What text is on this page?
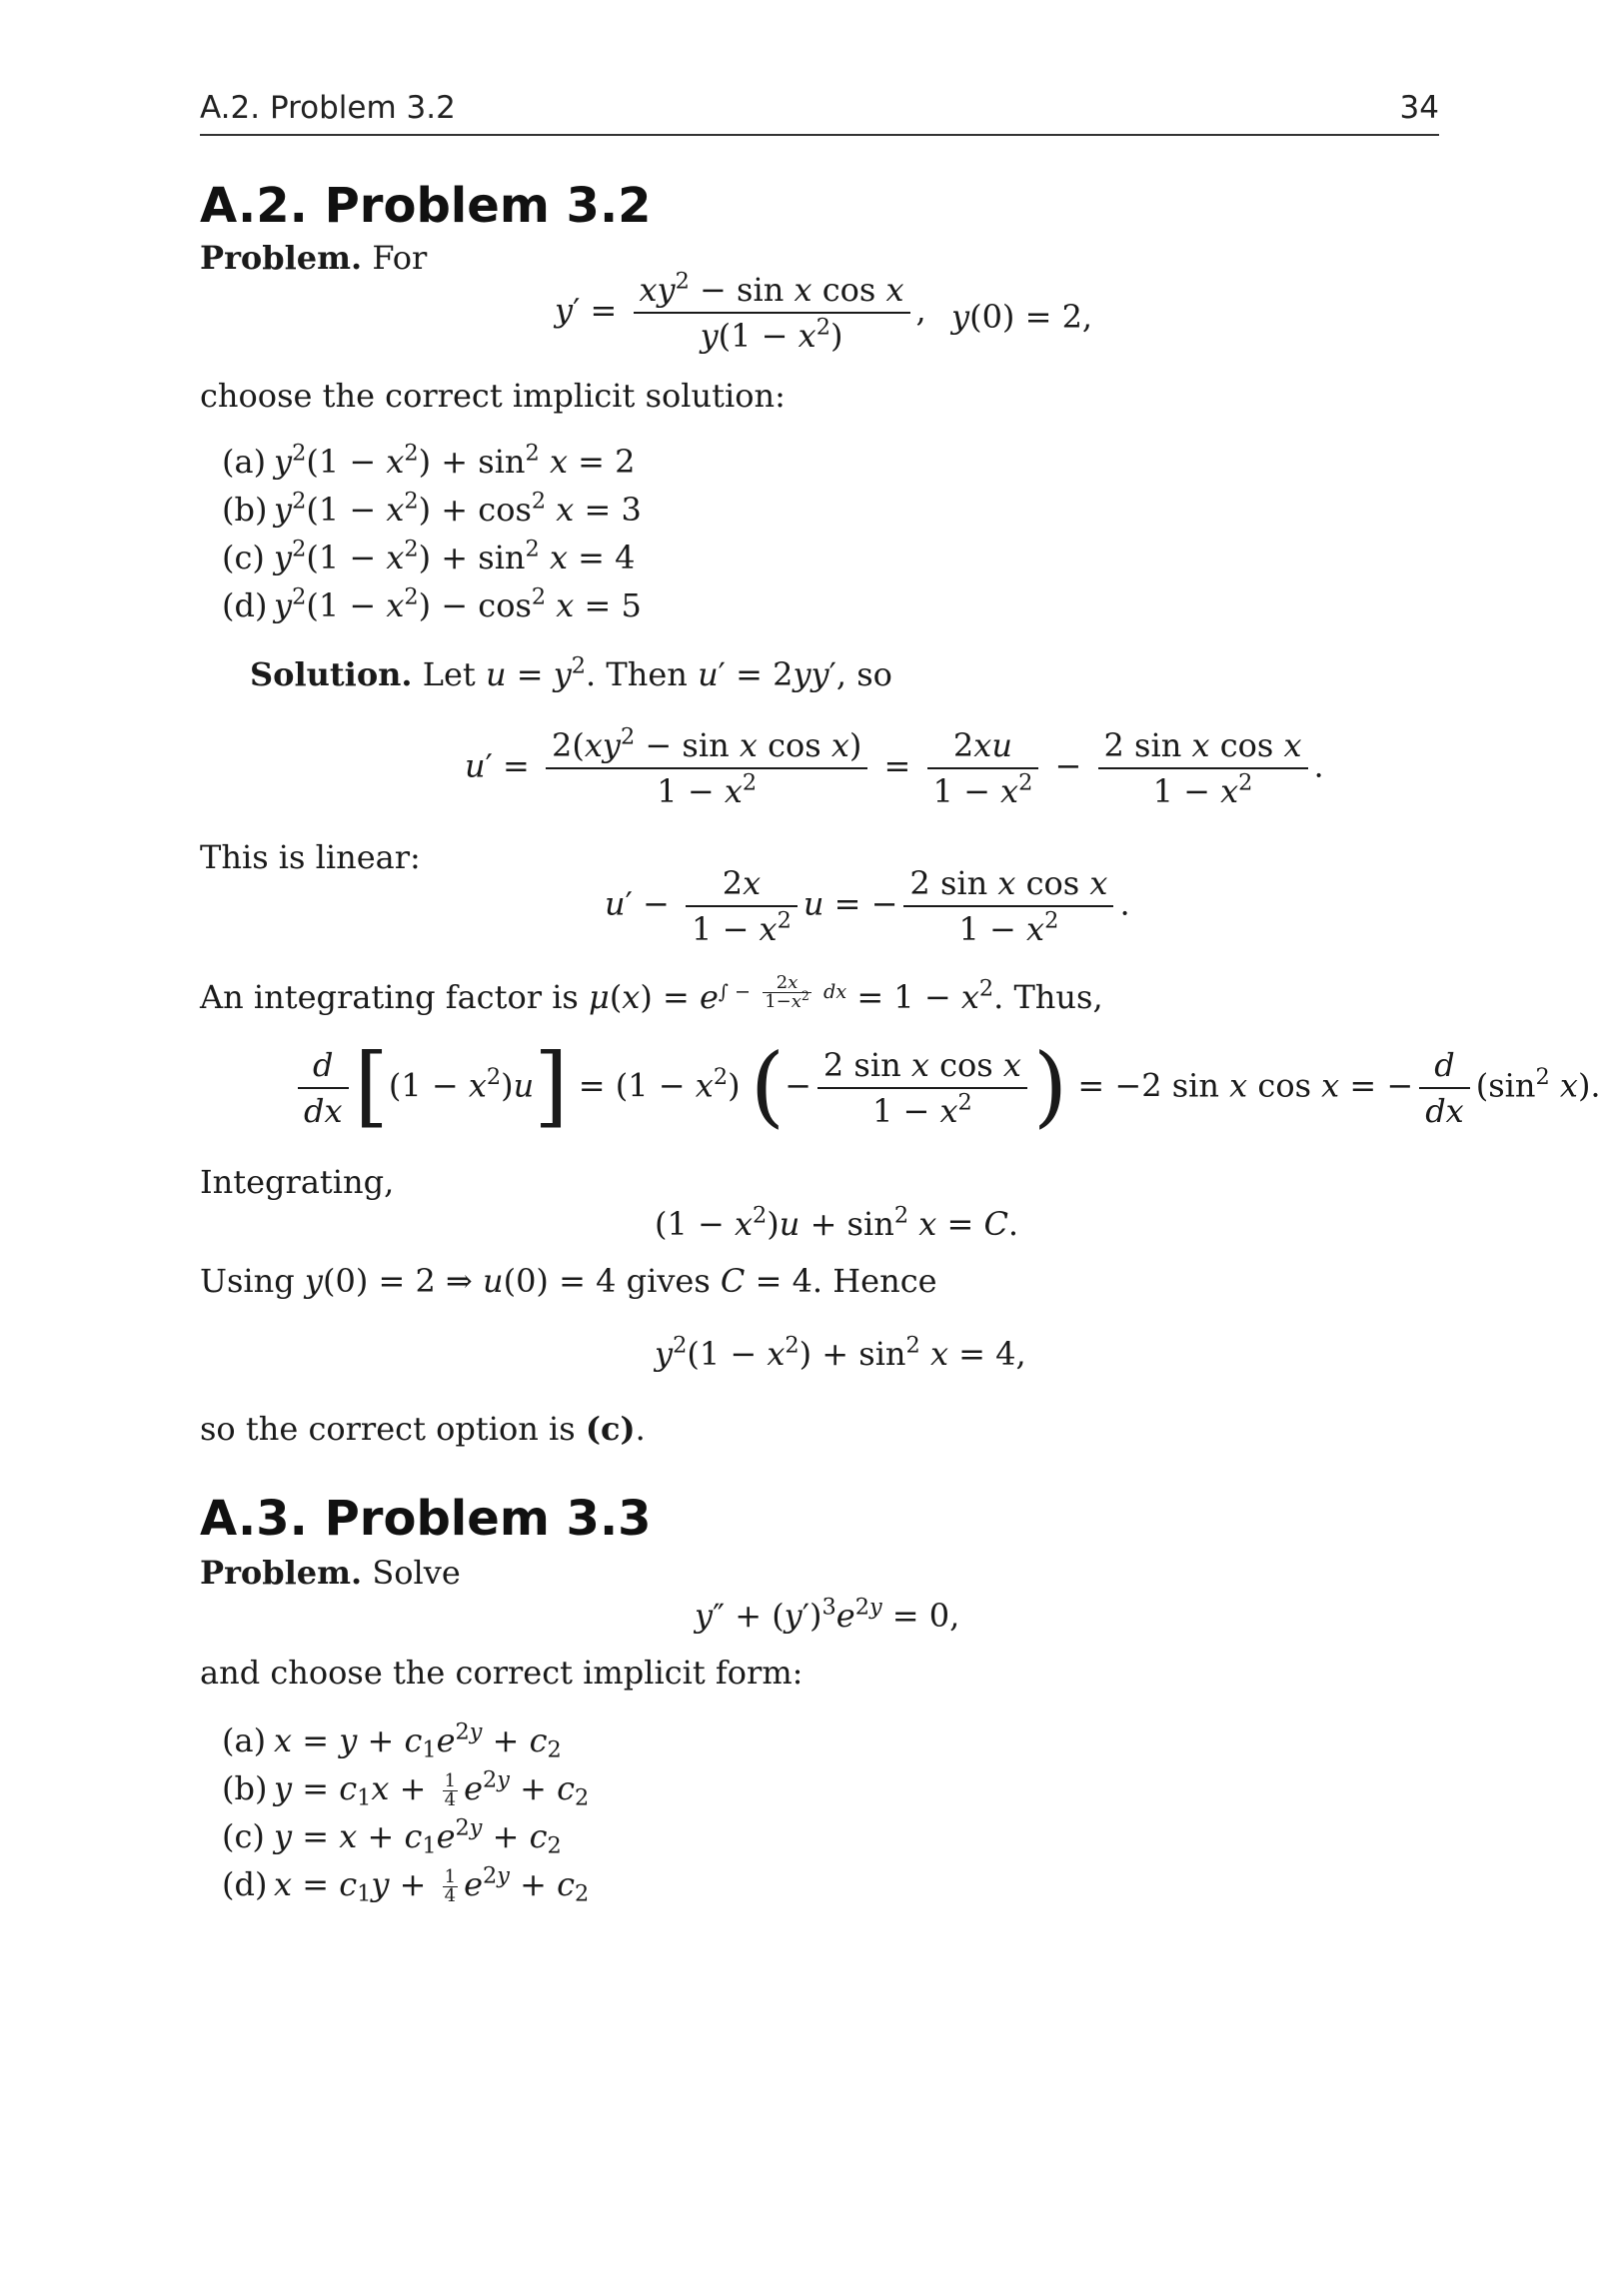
A.2. Problem 3.2	34
A.2. Problem 3.2
Problem. For
$y' = \frac{xy^2 - \sin x \cos x}{y(1 - x^2)}$ , y(0) = 2,
choose the correct implicit solution:
(a) $y^2(1 - x^2) + \sin^2 x = 2$
(b) $y^2(1 - x^2) + \cos^2 x = 3$
(c) $y^2(1 - x^2) + \sin^2 x = 4$
(d) $y^2(1 - x^2) - \cos^2 x = 5$
Solution. Let $u = y^2$. Then u′ = 2yy′, so
$u' = \frac{2(xy^2 - \sin x \cos x)}{1 - x^2} = \frac{2xu}{1 - x^2} - \frac{\text{2 sin x cos x}}{1 - x^2}$ .
This is linear:
$u' - \frac{2x}{1 - x^2}$ u = − $\frac{\text{2 sin x cos x}}{1 - x^2}$ .
An integrating factor is $\mu(x) = e^{\int - \frac{2x}{1-x^2} dx} = 1 - x^2$. Thus,
$\frac{d}{dx} [(1 - x^2)u] = (1 - x^2)$ (− $\frac{\text{2 sin x cos x}}{1 - x^2}$ ) = −2 sin x cos x = − $\frac{d}{dx} (\sin^2$ x).
Integrating,
$(1 - x^2)u + \sin^2 x = C$.
Using y(0) = 2 ⇒ u(0) = 4 gives C = 4. Hence
$y^2(1 - x^2) + \sin^2 x = 4$,
so the correct option is (c).
A.3. Problem 3.3
Problem. Solve
$y'' + (y')^3e^{2y} = 0$,
and choose the correct implicit form:
(a) $x = y + c_1e^{2y} + c_2$
(b) $y = c_1x + \frac{1}{4} e^{2y} + c_2$
(c) $y = x + c_1e^{2y} + c_2$
(d) $x = c_1y + \frac{1}{4} e^{2y} + c_2$
